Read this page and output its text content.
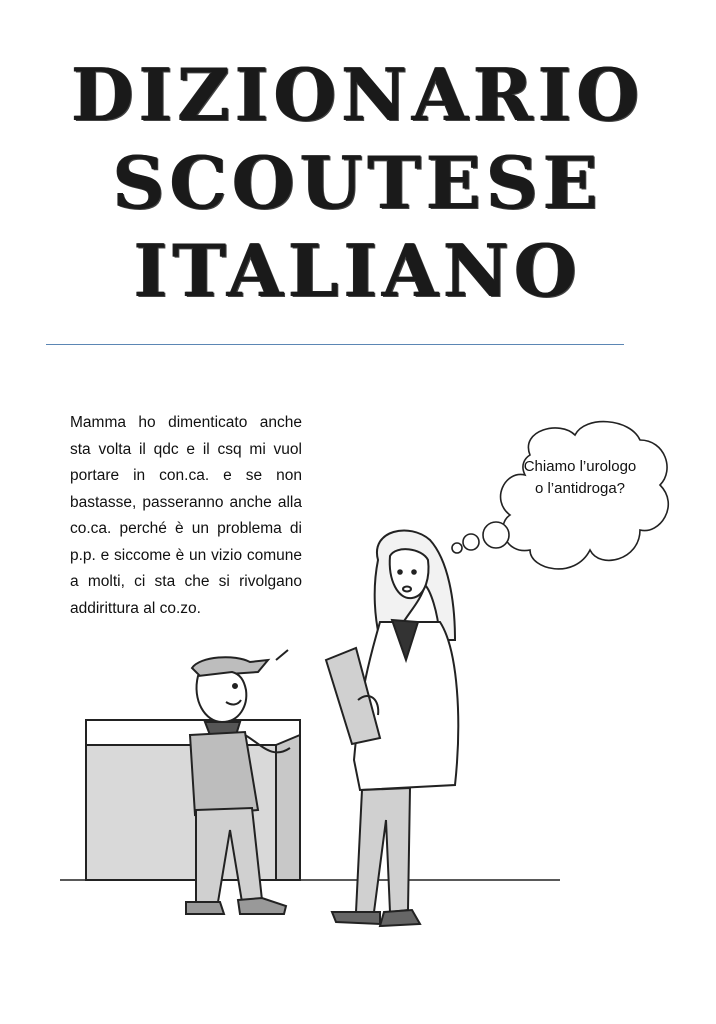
DIZIONARIO
SCOUTESE
ITALIANO
Mamma ho dimenticato anche sta volta il qdc e il csq mi vuol portare in con.ca. e se non bastasse, passeranno anche alla co.ca. perché è un problema di p.p. e siccome è un vizio comune a molti, ci sta che si rivolgano addirittura al co.zo.
Chiamo l’urologo o l’antidroga?
